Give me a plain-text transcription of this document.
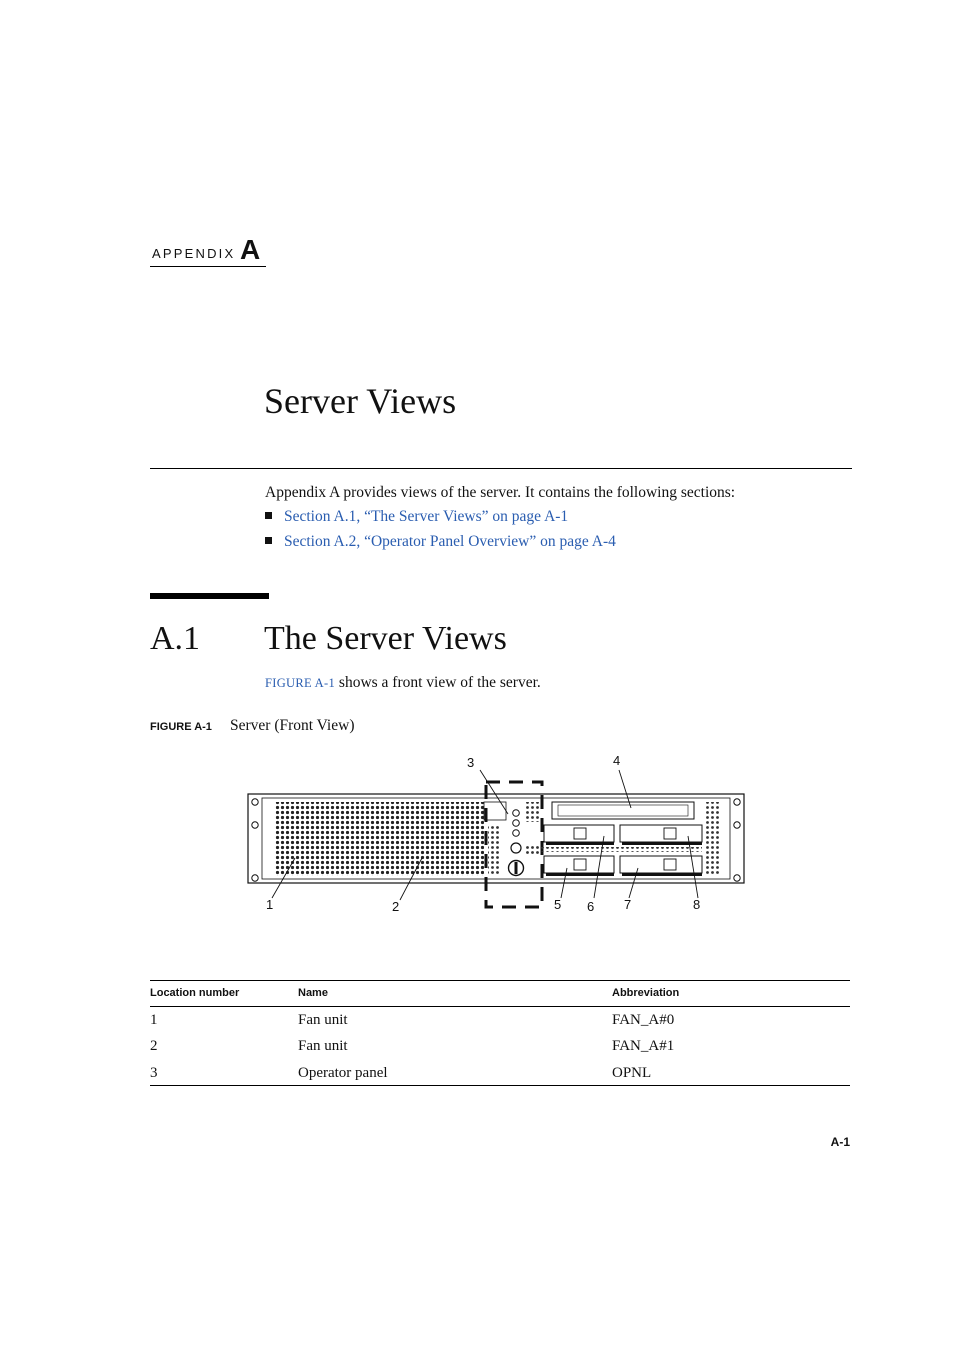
APPENDIX A
Server Views
Appendix A provides views of the server. It contains the following sections:
Section A.1, “The Server Views” on page A-1
Section A.2, “Operator Panel Overview” on page A-4
A.1 The Server Views
FIGURE A-1 shows a front view of the server.
FIGURE A-1 Server (Front View)
1	2
3	4
5 6 7	8
Location number	Name	Abbreviation
1	Fan unit	FAN_A#0
2	Fan unit	FAN_A#1
3	Operator panel	OPNL
A-1
